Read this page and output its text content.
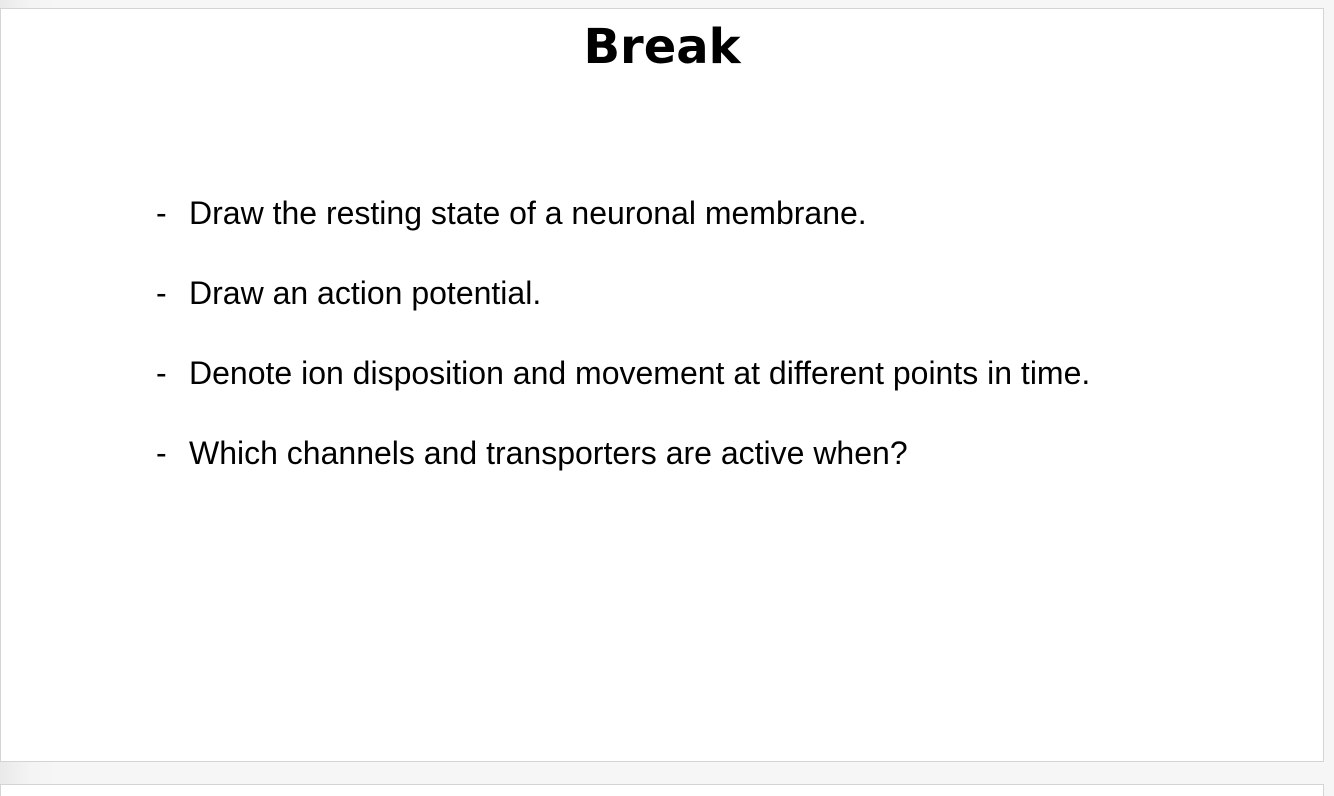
Break
- Draw the resting state of a neuronal membrane.
- Draw an action potential.
- Denote ion disposition and movement at different points in time.
- Which channels and transporters are active when?
